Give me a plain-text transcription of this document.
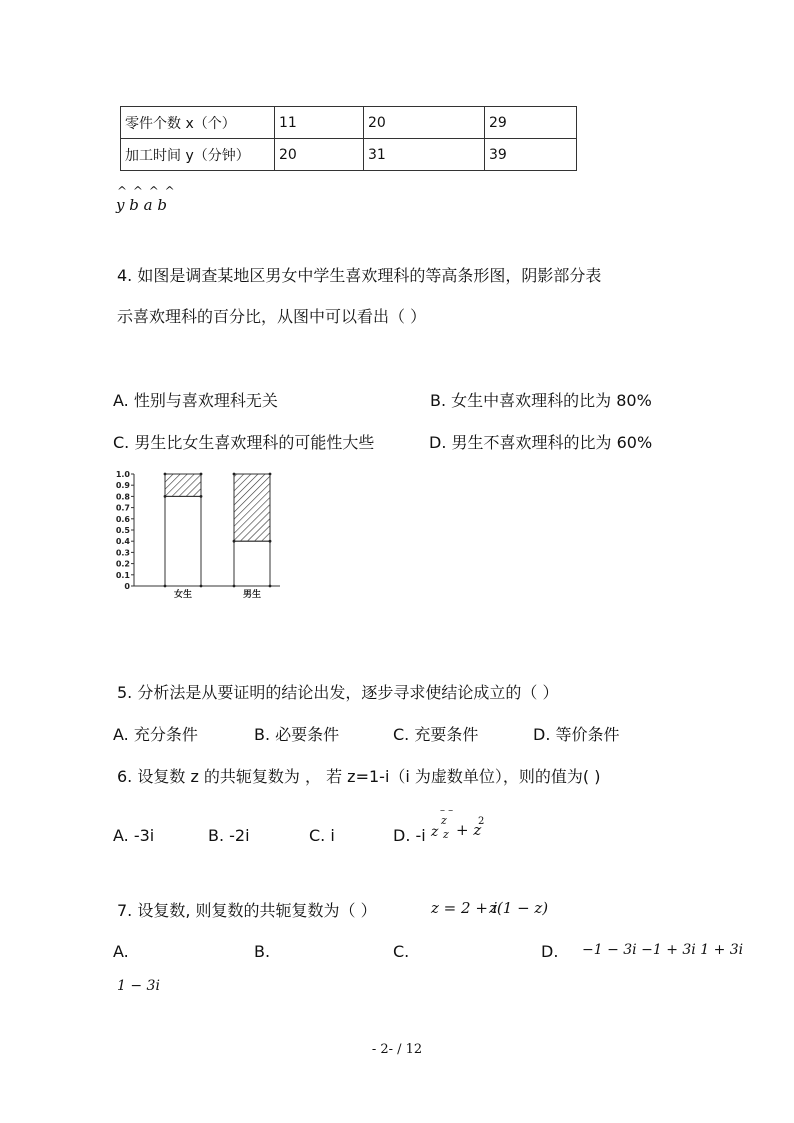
零件个数 x（个）	11	20	29
加工时间 y（分钟）	20	31	39
^ ^ ^ ^
y b a b
4. 如图是调查某地区男女中学生喜欢理科的等高条形图，阴影部分表
示喜欢理科的百分比，从图中可以看出（ ）
A. 性别与喜欢理科无关	B. 女生中喜欢理科的比为 80%
C. 男生比女生喜欢理科的可能性大些	D. 男生不喜欢理科的比为 60%
0
0.1
0.2
0.3
0.4
0.5
0.6
0.7
0.8
0.9
1.0
女生	男生
5. 分析法是从要证明的结论出发，逐步寻求使结论成立的（ ）
A. 充分条件	B. 必要条件	C. 充要条件	D. 等价条件
6. 设复数 z 的共轭复数为 ， 若 z=1-i（i 为虚数单位），则的值为( )
A. -3i	B. -2i	C. i	D. -i
– –
z
z z + z
2
7. 设复数, 则复数的共轭复数为（ ）	z = 2 + i
z(1 − z)
A.	B.	C.	D. −1 − 3i −1 + 3i 1 + 3i
1 − 3i
- 2- / 12
